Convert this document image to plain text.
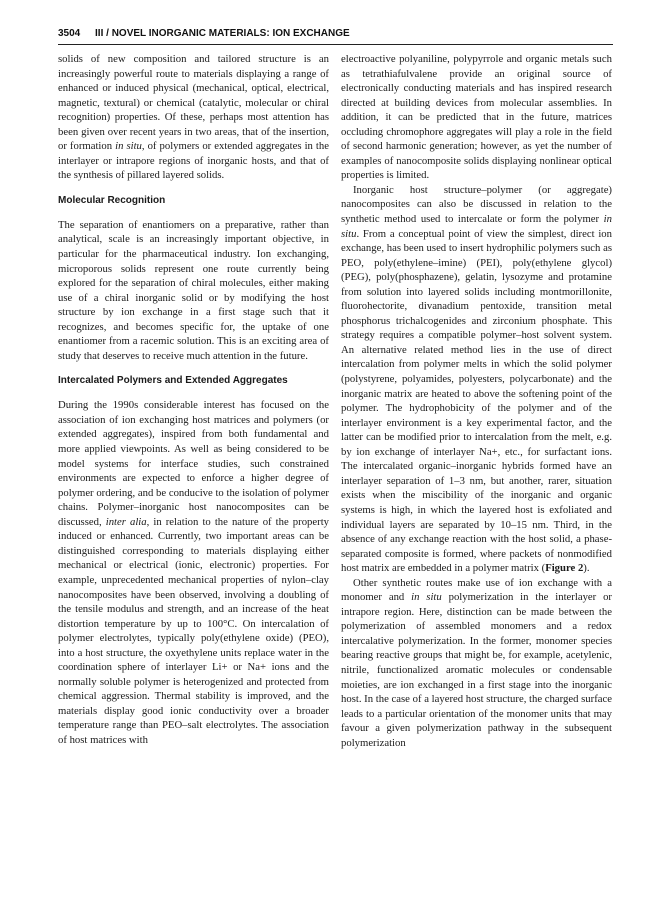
3504 III / NOVEL INORGANIC MATERIALS: ION EXCHANGE

solids of new composition and tailored structure is an increasingly powerful route to materials displaying a range of enhanced or induced physical (mechanical, optical, electrical, magnetic, textural) or chemical (catalytic, molecular or chiral recognition) properties. Of these, perhaps most attention has been given over recent years in two areas, that of the insertion, or formation in situ, of polymers or extended aggregates in the interlayer or intrapore regions of inorganic hosts, and that of the synthesis of pillared layered solids.

Molecular Recognition

The separation of enantiomers on a preparative, rather than analytical, scale is an increasingly important objective, in particular for the pharmaceutical industry. Ion exchanging, microporous solids represent one route currently being explored for the separation of chiral molecules, either making use of a chiral inorganic solid or by modifying the host structure by ion exchange in a first stage such that it recognizes, and becomes specific for, the uptake of one enantiomer from a racemic solution. This is an exciting area of study that deserves to receive much attention in the future.

Intercalated Polymers and Extended Aggregates

During the 1990s considerable interest has focused on the association of ion exchanging host matrices and polymers (or extended aggregates), inspired from both fundamental and more applied viewpoints. As well as being considered to be model systems for interface studies, such constrained environments are expected to enforce a higher degree of polymer ordering, and be conducive to the isolation of polymer chains. Polymer–inorganic host nanocomposites can be discussed, inter alia, in relation to the nature of the property induced or enhanced. Currently, two important areas can be distinguished corresponding to materials displaying either mechanical or electrical (ionic, electronic) properties. For example, unprecedented mechanical properties of nylon–clay nanocomposites have been observed, involving a doubling of the tensile modulus and strength, and an increase of the heat distortion temperature by up to 100°C. On intercalation of polymer electrolytes, typically poly(ethylene oxide) (PEO), into a host structure, the oxyethylene units replace water in the coordination sphere of interlayer Li+ or Na+ ions and the normally soluble polymer is heterogenized and protected from chemical aggression. Thermal stability is improved, and the materials display good ionic conductivity over a broader temperature range than PEO–salt electrolytes. The association of host matrices with

electroactive polyaniline, polypyrrole and organic metals such as tetrathiafulvalene provide an original source of electronically conducting materials and has inspired research directed at building devices from molecular assemblies. In addition, it can be predicted that in the future, matrices occluding chromophore aggregates will play a role in the field of second harmonic generation; however, as yet the number of examples of nanocomposite solids displaying nonlinear optical properties is limited.

Inorganic host structure–polymer (or aggregate) nanocomposites can also be discussed in relation to the synthetic method used to intercalate or form the polymer in situ. From a conceptual point of view the simplest, direct ion exchange, has been used to insert hydrophilic polymers such as PEO, poly(ethylene–imine) (PEI), poly(ethylene glycol) (PEG), poly(phosphazene), gelatin, lysozyme and protamine from solution into layered solids including montmorillonite, fluorohectorite, divanadium pentoxide, transition metal phosphorus trichalcogenides and zirconium phosphate. This strategy requires a compatible polymer–host solvent system. An alternative related method lies in the use of direct intercalation from polymer melts in which the solid polymer (polystyrene, polyamides, polyesters, polycarbonate) and the inorganic matrix are heated to above the softening point of the polymer. The hydrophobicity of the polymer and of the interlayer environment is a key experimental factor, and the latter can be modified prior to intercalation from the melt, e.g. by ion exchange of interlayer Na+, etc., for surfactant ions. The intercalated organic–inorganic hybrids formed have an interlayer separation of 1–3 nm, but another, rarer, situation exists when the miscibility of the inorganic and organic systems is high, in which the layered host is exfoliated and individual layers are separated by 10–15 nm. Third, in the absence of any exchange reaction with the host solid, a phase-separated composite is formed, where packets of nonmodified host matrix are embedded in a polymer matrix (Figure 2).

Other synthetic routes make use of ion exchange with a monomer and in situ polymerization in the interlayer or intrapore region. Here, distinction can be made between the polymerization of assembled monomers and a redox intercalative polymerization. In the former, monomer species bearing reactive groups that might be, for example, acetylenic, nitrile, functionalized aromatic molecules or condensable moieties, are ion exchanged in a first stage into the inorganic host. In the case of a layered host structure, the charged surface leads to a particular orientation of the monomer units that may favour a given polymerization pathway in the subsequent polymerization
